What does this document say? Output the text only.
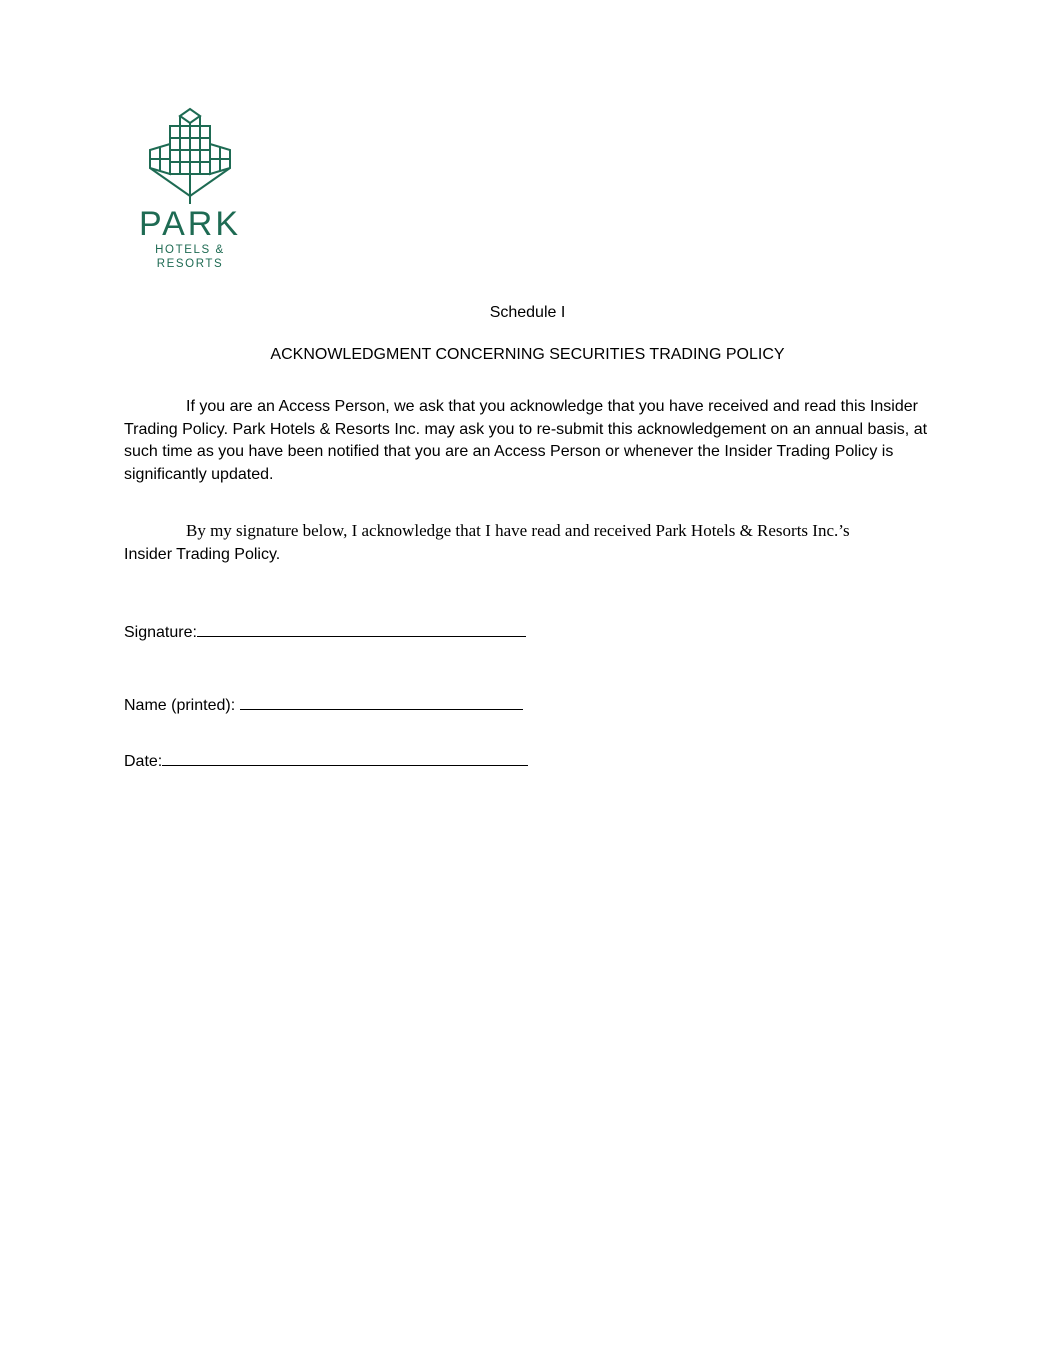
PARK
HOTELS & RESORTS
Schedule I
ACKNOWLEDGMENT CONCERNING SECURITIES TRADING POLICY
If you are an Access Person, we ask that you acknowledge that you have received and read this Insider Trading Policy. Park Hotels & Resorts Inc. may ask you to re-submit this acknowledgement on an annual basis, at such time as you have been notified that you are an Access Person or whenever the Insider Trading Policy is significantly updated.
By my signature below, I acknowledge that I have read and received Park Hotels & Resorts Inc.’s
Insider Trading Policy.
Signature:
Name (printed):
Date:
